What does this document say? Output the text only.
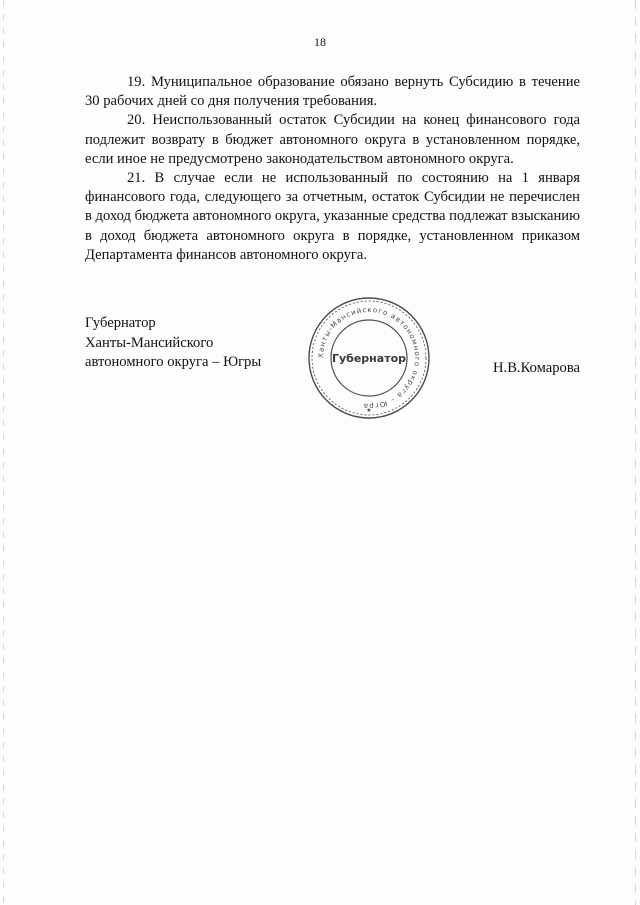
18

19. Муниципальное образование обязано вернуть Субсидию в течение 30 рабочих дней со дня получения требования.

20. Неиспользованный остаток Субсидии на конец финансового года подлежит возврату в бюджет автономного округа в установленном порядке, если иное не предусмотрено законодательством автономного округа.

21. В случае если не использованный по состоянию на 1 января финансового года, следующего за отчетным, остаток Субсидии не перечислен в доход бюджета автономного округа, указанные средства подлежат взысканию в доход бюджета автономного округа в порядке, установленном приказом Департамента финансов автономного округа.

Губернатор
Ханты-Мансийского
автономного округа – Югры	Ханты-Мансийского автономного округа – Югра
Губернатор
★
Н.В.Комарова
